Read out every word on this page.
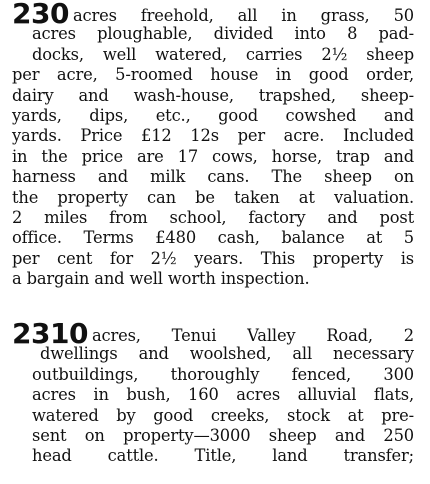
230 acres freehold, all in grass, 50
acres ploughable, divided into 8 pad-
docks, well watered, carries 2½ sheep
per acre, 5-roomed house in good order,
dairy and wash-house, trapshed, sheep-
yards, dips, etc., good cowshed and
yards. Price £12 12s per acre. Included
in the price are 17 cows, horse, trap and
harness and milk cans. The sheep on
the property can be taken at valuation.
2 miles from school, factory and post
office. Terms £480 cash, balance at 5
per cent for 2½ years. This property is
a bargain and well worth inspection.
2310 acres, Tenui Valley Road, 2
dwellings and woolshed, all necessary
outbuildings, thoroughly fenced, 300
acres in bush, 160 acres alluvial flats,
watered by good creeks, stock at pre-
sent on property—3000 sheep and 250
head cattle. Title, land transfer;
